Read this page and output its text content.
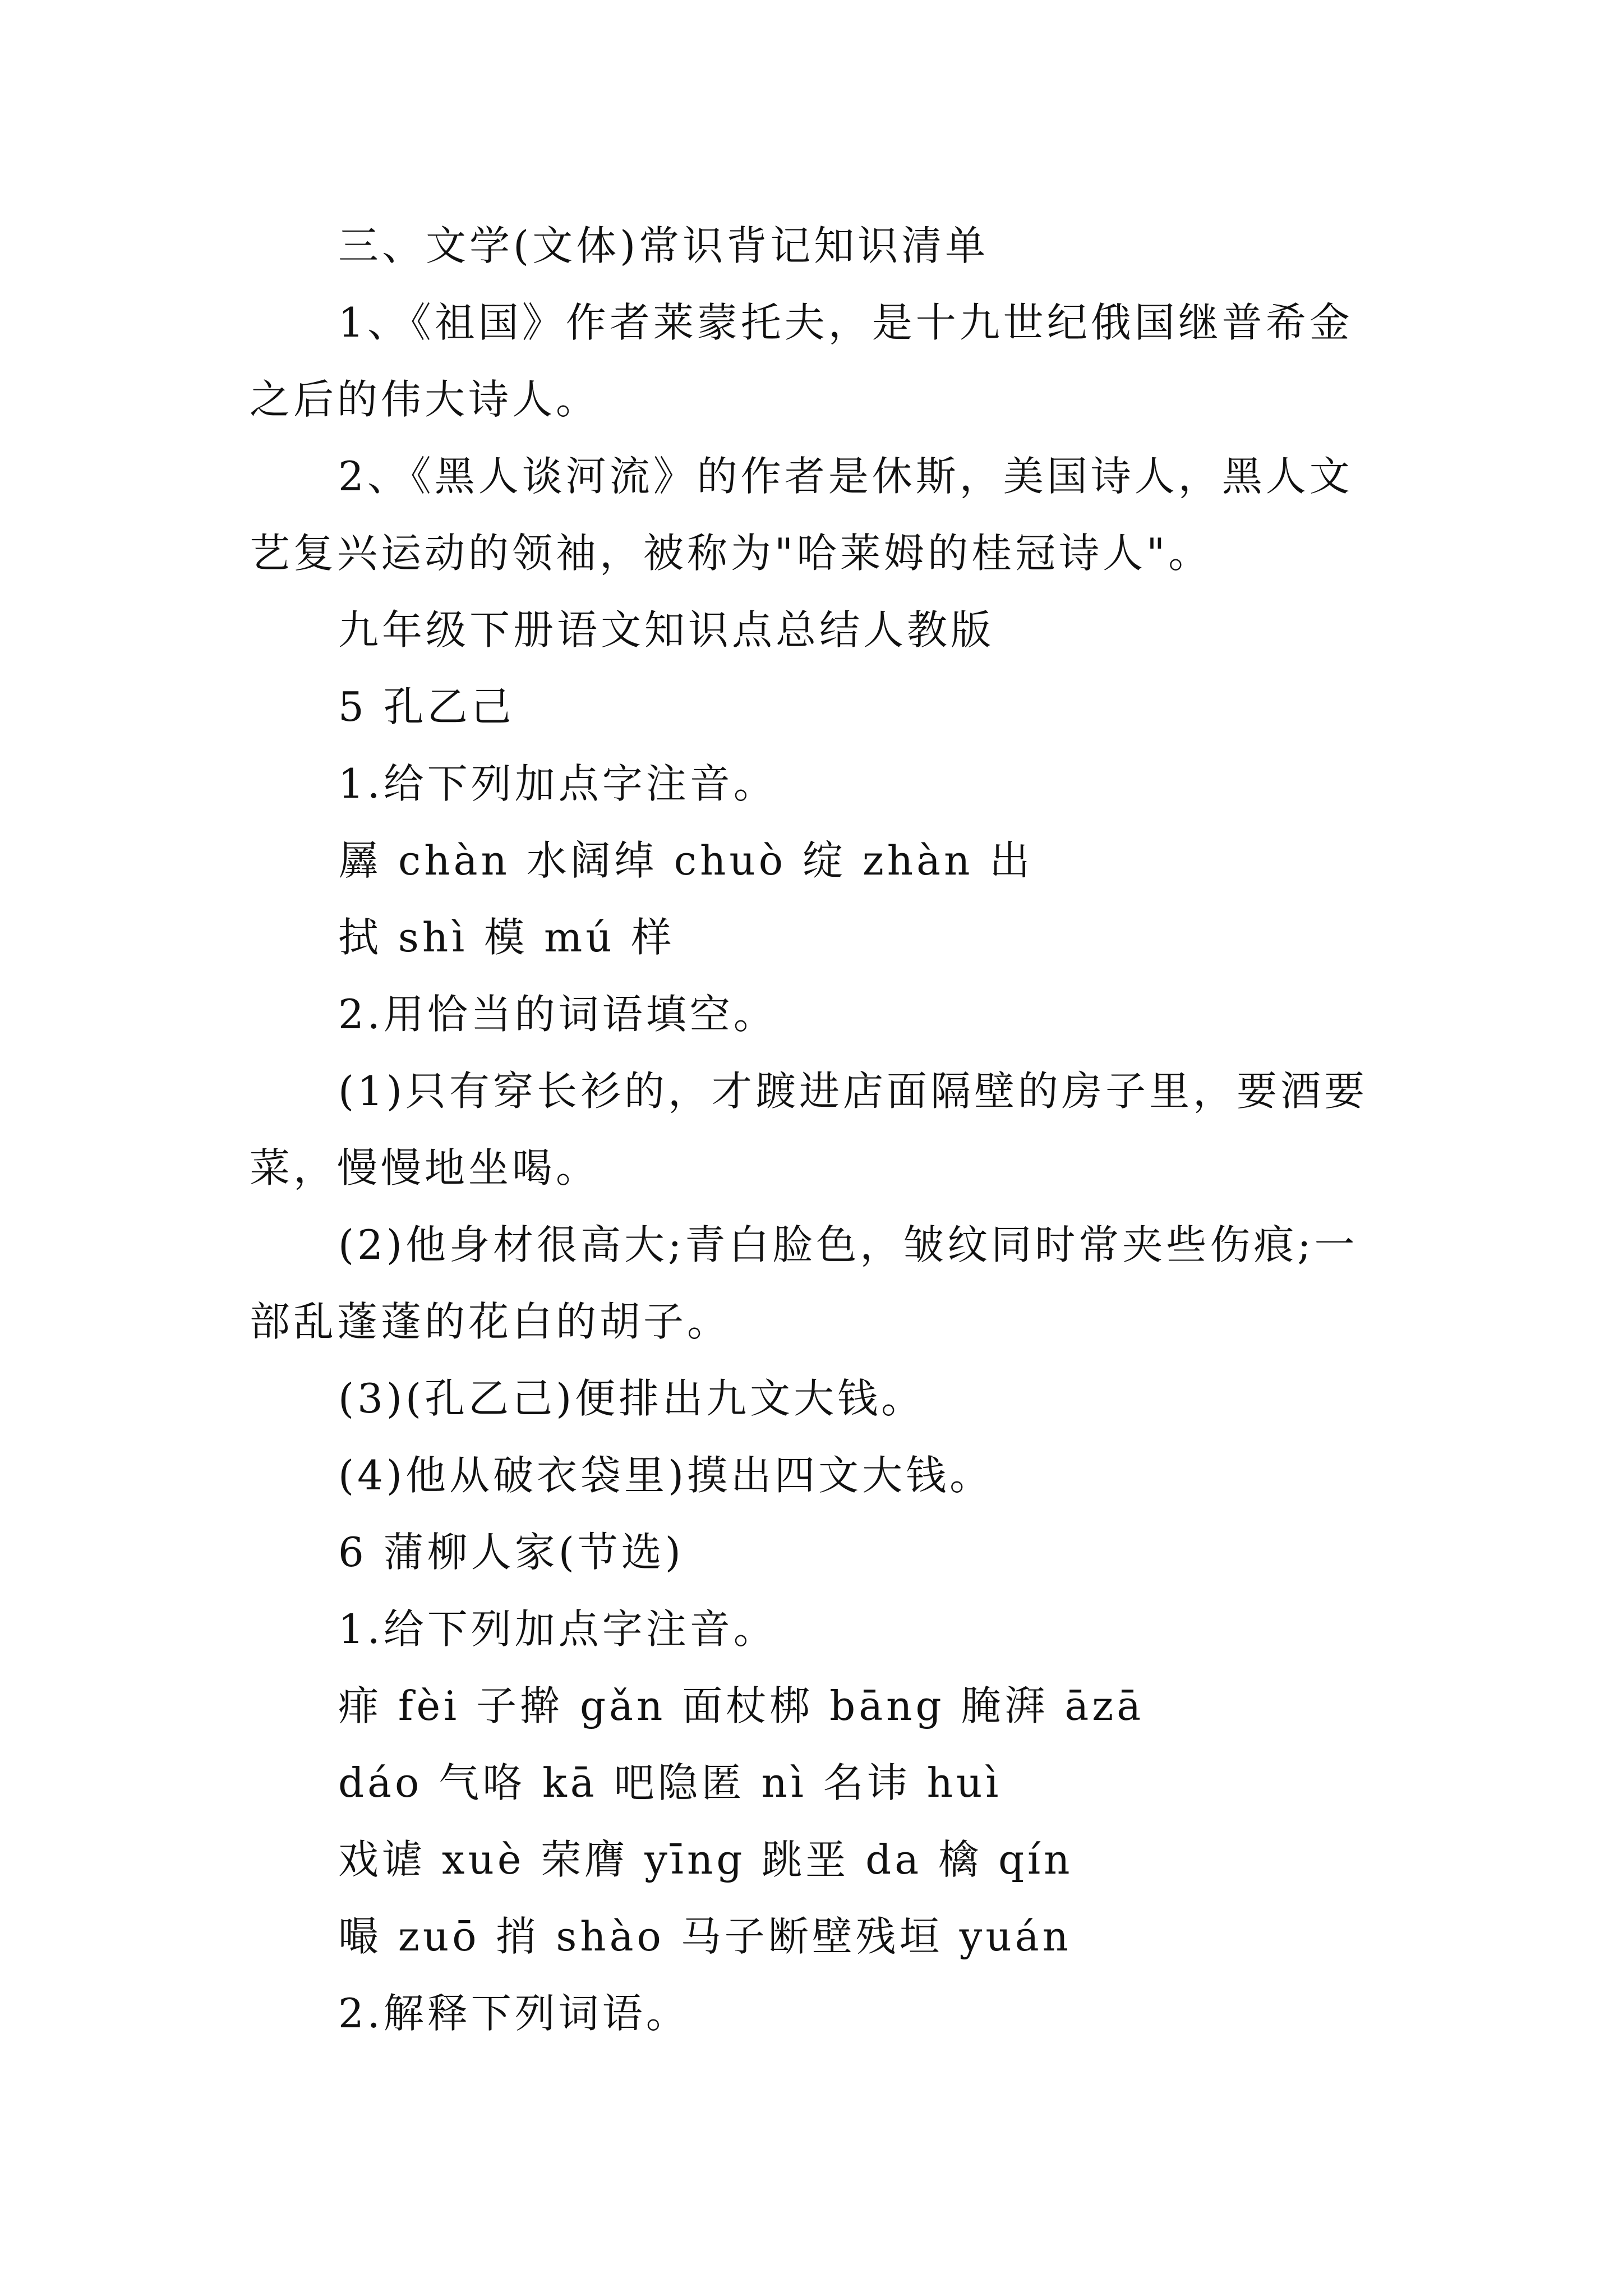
三、文学(文体)常识背记知识清单

1、《祖国》作者莱蒙托夫，是十九世纪俄国继普希金之后的伟大诗人。

2、《黑人谈河流》的作者是休斯，美国诗人，黑人文艺复兴运动的领袖，被称为"哈莱姆的桂冠诗人"。

九年级下册语文知识点总结人教版

5 孔乙己

1.给下列加点字注音。

羼 chàn 水阔绰 chuò 绽 zhàn 出

拭 shì 模 mú 样

2.用恰当的词语填空。

(1)只有穿长衫的，才踱进店面隔壁的房子里，要酒要菜，慢慢地坐喝。

(2)他身材很高大;青白脸色，皱纹同时常夹些伤痕;一部乱蓬蓬的花白的胡子。

(3)(孔乙己)便排出九文大钱。

(4)他从破衣袋里)摸出四文大钱。

6 蒲柳人家(节选)

1.给下列加点字注音。

痱 fèi 子擀 gǎn 面杖梆 bāng 腌湃 āzā

dáo 气咯 kā 吧隐匿 nì 名讳 huì

戏谑 xuè 荣膺 yīng 跳垩 da 檎 qín

嘬 zuō 捎 shào 马子断壁残垣 yuán

2.解释下列词语。
